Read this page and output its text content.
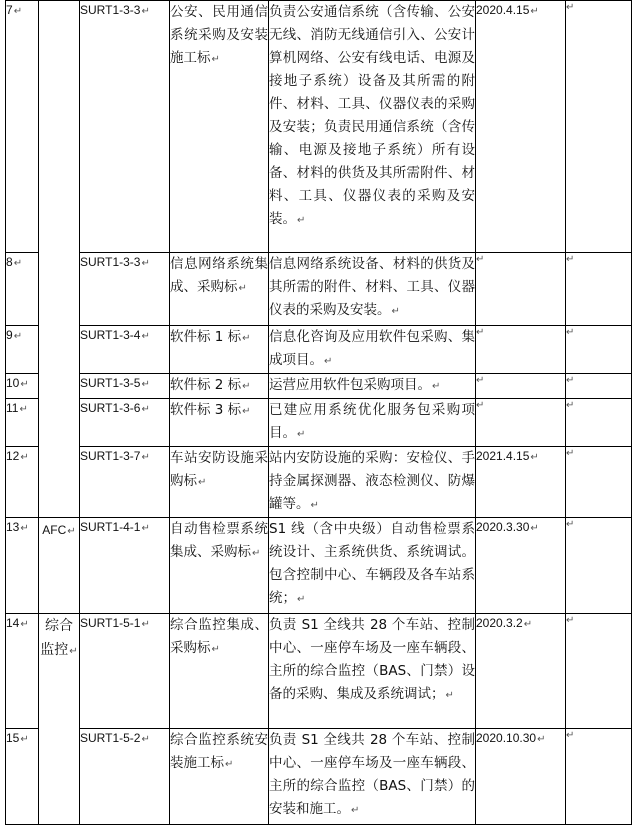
7↵		SURT1-3-3↵	公安、民用通信系统采购及安装施工标↵	负责公安通信系统（含传输、公安无线、消防无线通信引入、公安计算机网络、公安有线电话、电源及接地子系统）设备及其所需的附件、材料、工具、仪器仪表的采购及安装；负责民用通信系统（含传输、电源及接地子系统）所有设备、材料的供货及其所需附件、材料、工具、仪器仪表的采购及安装。↵	2020.4.15↵	↵
8↵		SURT1-3-3↵	信息网络系统集成、采购标↵	信息网络系统设备、材料的供货及其所需的附件、材料、工具、仪器仪表的采购及安装。↵	↵	↵
9↵		SURT1-3-4↵	软件标 1 标↵	信息化咨询及应用软件包采购、集成项目。↵	↵	↵
10↵		SURT1-3-5↵	软件标 2 标↵	运营应用软件包采购项目。↵	↵	↵
11↵		SURT1-3-6↵	软件标 3 标↵	已建应用系统优化服务包采购项目。↵	↵	↵
12↵		SURT1-3-7↵	车站安防设施采购标↵	站内安防设施的采购：安检仪、手持金属探测器、液态检测仪、防爆罐等。↵	2021.4.15↵	↵
13↵	AFC↵	SURT1-4-1↵	自动售检票系统集成、采购标↵	S1 线（含中央级）自动售检票系统设计、主系统供货、系统调试。包含控制中心、车辆段及各车站系统；↵	2020.3.30↵	↵
14↵	综合监控↵	SURT1-5-1↵	综合监控集成、采购标↵	负责 S1 全线共 28 个车站、控制中心、一座停车场及一座车辆段、主所的综合监控（BAS、门禁）设备的采购、集成及系统调试；↵	2020.3.2↵	↵
15↵		SURT1-5-2↵	综合监控系统安装施工标↵	负责 S1 全线共 28 个车站、控制中心、一座停车场及一座车辆段、主所的综合监控（BAS、门禁）的安装和施工。↵	2020.10.30↵	↵
